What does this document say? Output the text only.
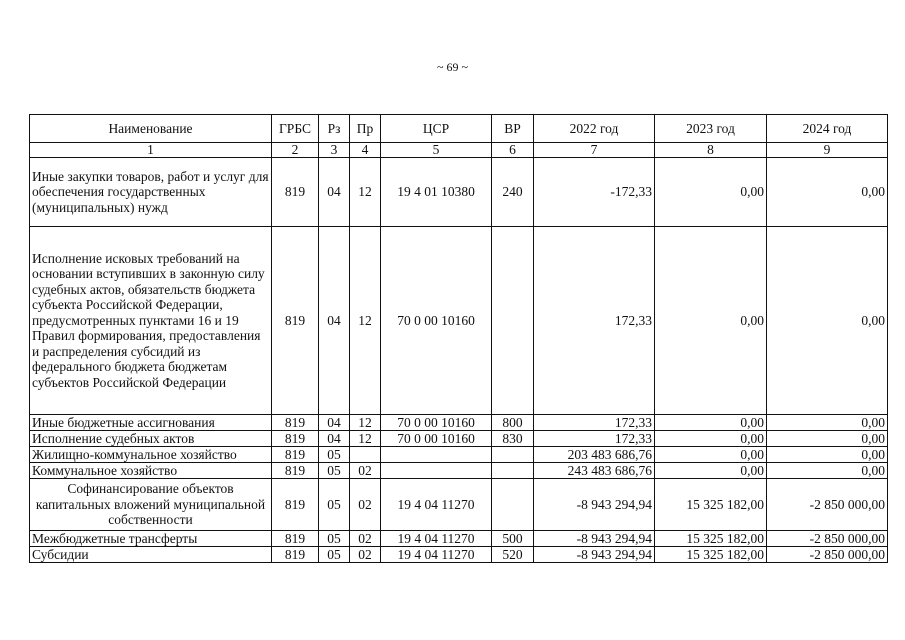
~ 69 ~
Наименование	ГРБС	Рз	Пр	ЦСР	ВР	2022 год	2023 год	2024 год
1	2	3	4	5	6	7	8	9
Иные закупки товаров, работ и услуг для обеспечения государственных (муниципальных) нужд	819	04	12	19 4 01 10380	240	-172,33	0,00	0,00
Исполнение исковых требований на основании вступивших в законную силу судебных актов, обязательств бюджета субъекта Российской Федерации, предусмотренных пунктами 16 и 19 Правил формирования, предоставления и распределения субсидий из федерального бюджета бюджетам субъектов Российской Федерации	819	04	12	70 0 00 10160		172,33	0,00	0,00
Иные бюджетные ассигнования	819	04	12	70 0 00 10160	800	172,33	0,00	0,00
Исполнение судебных актов	819	04	12	70 0 00 10160	830	172,33	0,00	0,00
Жилищно-коммунальное хозяйство	819	05				203 483 686,76	0,00	0,00
Коммунальное хозяйство	819	05	02			243 483 686,76	0,00	0,00
Софинансирование объектов капитальных вложений муниципальной собственности	819	05	02	19 4 04 11270		-8 943 294,94	15 325 182,00	-2 850 000,00
Межбюджетные трансферты	819	05	02	19 4 04 11270	500	-8 943 294,94	15 325 182,00	-2 850 000,00
Субсидии	819	05	02	19 4 04 11270	520	-8 943 294,94	15 325 182,00	-2 850 000,00
